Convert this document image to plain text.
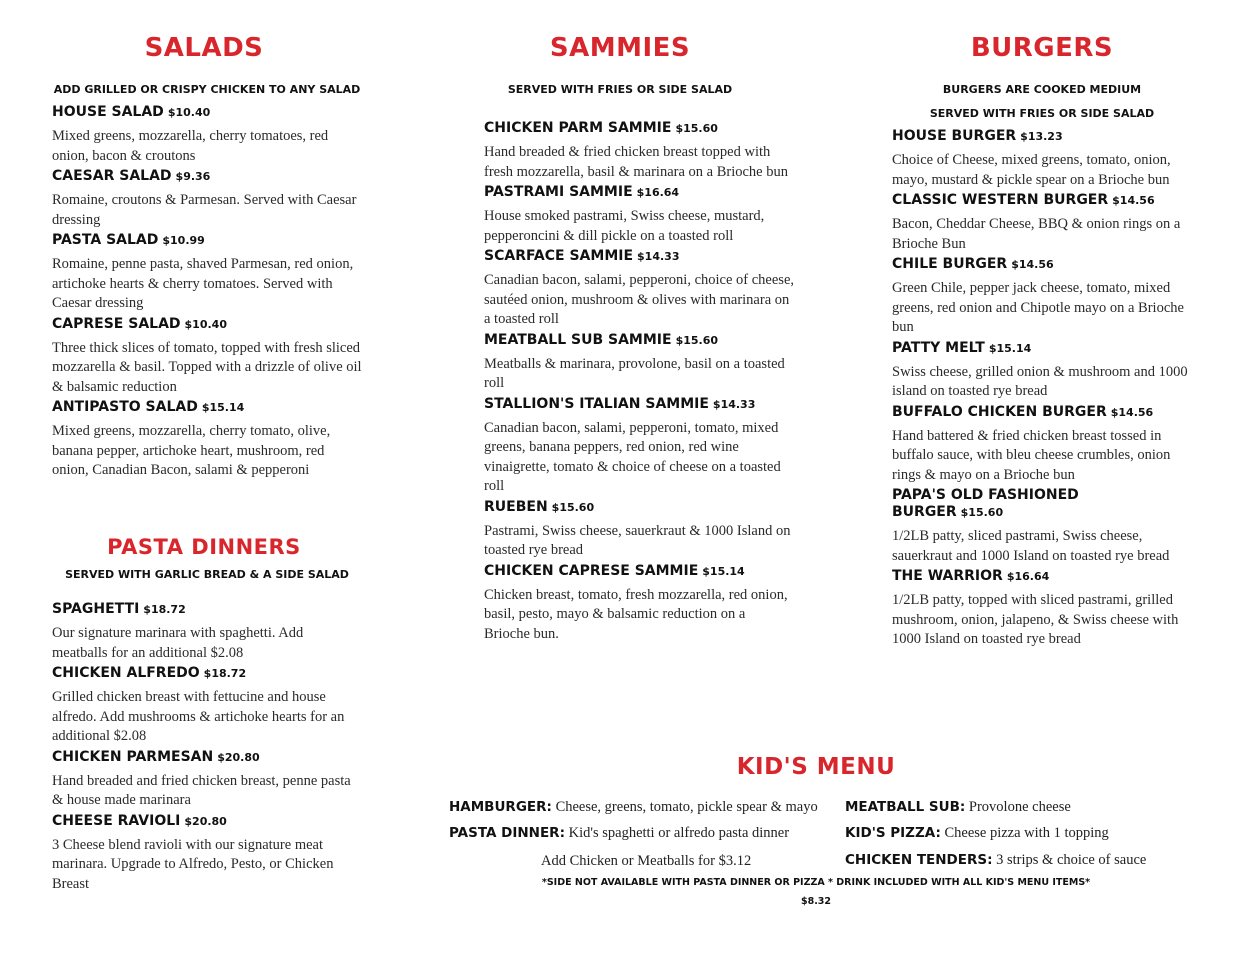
SALADS

ADD GRILLED OR CRISPY CHICKEN TO ANY SALAD

HOUSE SALAD $10.40

Mixed greens, mozzarella, cherry tomatoes, red onion, bacon & croutons

CAESAR SALAD $9.36

Romaine, croutons & Parmesan. Served with Caesar dressing

PASTA SALAD $10.99

Romaine, penne pasta, shaved Parmesan, red onion, artichoke hearts & cherry tomatoes. Served with Caesar dressing

CAPRESE SALAD $10.40

Three thick slices of tomato, topped with fresh sliced mozzarella & basil. Topped with a drizzle of olive oil & balsamic reduction

ANTIPASTO SALAD $15.14

Mixed greens, mozzarella, cherry tomato, olive, banana pepper, artichoke heart, mushroom, red onion, Canadian Bacon, salami & pepperoni

PASTA DINNERS

SERVED WITH GARLIC BREAD & A SIDE SALAD

SPAGHETTI $18.72

Our signature marinara with spaghetti. Add meatballs for an additional $2.08

CHICKEN ALFREDO $18.72

Grilled chicken breast with fettucine and house alfredo. Add mushrooms & artichoke hearts for an additional $2.08

CHICKEN PARMESAN $20.80

Hand breaded and fried chicken breast, penne pasta & house made marinara

CHEESE RAVIOLI $20.80

3 Cheese blend ravioli with our signature meat marinara. Upgrade to Alfredo, Pesto, or Chicken Breast

SAMMIES

SERVED WITH FRIES OR SIDE SALAD

CHICKEN PARM SAMMIE $15.60

Hand breaded & fried chicken breast topped with fresh mozzarella, basil & marinara on a Brioche bun

PASTRAMI SAMMIE $16.64

House smoked pastrami, Swiss cheese, mustard, pepperoncini & dill pickle on a toasted roll

SCARFACE SAMMIE $14.33

Canadian bacon, salami, pepperoni, choice of cheese, sautéed onion, mushroom & olives with marinara on a toasted roll

MEATBALL SUB SAMMIE $15.60

Meatballs & marinara, provolone, basil on a toasted roll

STALLION'S ITALIAN SAMMIE $14.33

Canadian bacon, salami, pepperoni, tomato, mixed greens, banana peppers, red onion, red wine vinaigrette, tomato & choice of cheese on a toasted roll

RUEBEN $15.60

Pastrami, Swiss cheese, sauerkraut & 1000 Island on toasted rye bread

CHICKEN CAPRESE SAMMIE $15.14

Chicken breast, tomato, fresh mozzarella, red onion, basil, pesto, mayo & balsamic reduction on a Brioche bun.

BURGERS

BURGERS ARE COOKED MEDIUM

SERVED WITH FRIES OR SIDE SALAD

HOUSE BURGER $13.23

Choice of Cheese, mixed greens, tomato, onion, mayo, mustard & pickle spear on a Brioche bun

CLASSIC WESTERN BURGER $14.56

Bacon, Cheddar Cheese, BBQ & onion rings on a Brioche Bun

CHILE BURGER $14.56

Green Chile, pepper jack cheese, tomato, mixed greens, red onion and Chipotle mayo on a Brioche bun

PATTY MELT $15.14

Swiss cheese, grilled onion & mushroom and 1000 island on toasted rye bread

BUFFALO CHICKEN BURGER $14.56

Hand battered & fried chicken breast tossed in buffalo sauce, with bleu cheese crumbles, onion rings & mayo on a Brioche bun

PAPA'S OLD FASHIONED BURGER $15.60

1/2LB patty, sliced pastrami, Swiss cheese, sauerkraut and 1000 Island on toasted rye bread

THE WARRIOR $16.64

1/2LB patty, topped with sliced pastrami, grilled mushroom, onion, jalapeno, & Swiss cheese with 1000 Island on toasted rye bread

KID'S MENU
HAMBURGER: Cheese, greens, tomato, pickle spear & mayo
PASTA DINNER: Kid's spaghetti or alfredo pasta dinner
Add Chicken or Meatballs for $3.12
MEATBALL SUB: Provolone cheese
KID'S PIZZA: Cheese pizza with 1 topping
CHICKEN TENDERS: 3 strips & choice of sauce
*SIDE NOT AVAILABLE WITH PASTA DINNER OR PIZZA * DRINK INCLUDED WITH ALL KID'S MENU ITEMS*
$8.32
